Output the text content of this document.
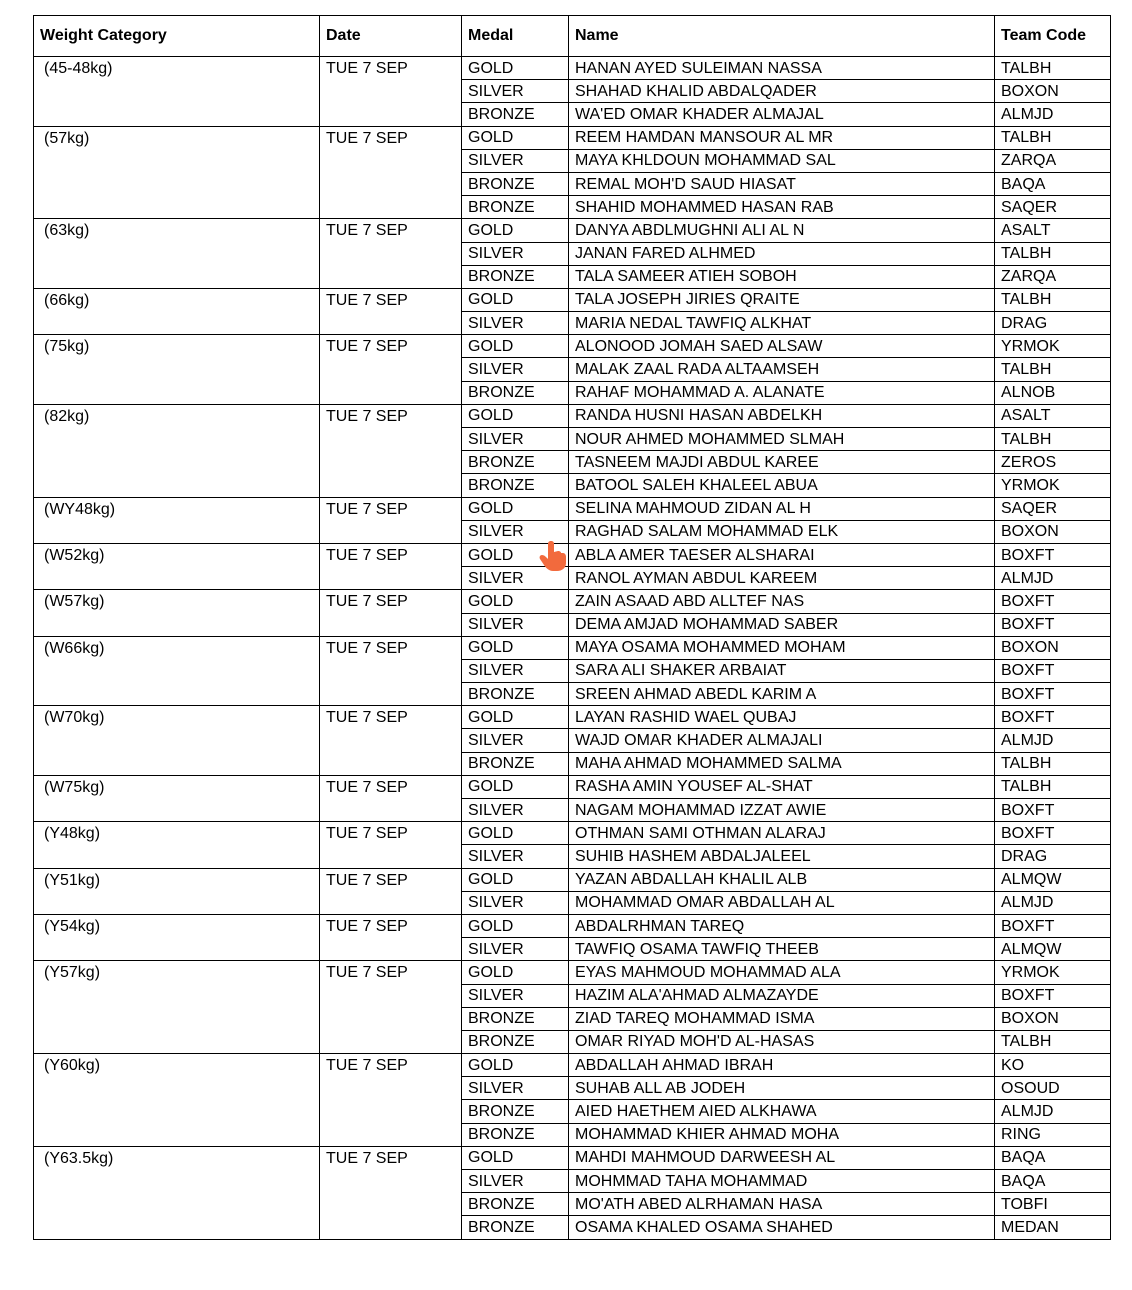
Weight Category	Date	Medal	Name	Team Code
(45-48kg)	TUE 7 SEP	GOLD	HANAN AYED SULEIMAN NASSA	TALBH
		SILVER	SHAHAD KHALID ABDALQADER	BOXON
		BRONZE	WA'ED OMAR KHADER ALMAJAL	ALMJD
(57kg)	TUE 7 SEP	GOLD	REEM HAMDAN MANSOUR AL MR	TALBH
		SILVER	MAYA KHLDOUN MOHAMMAD SAL	ZARQA
		BRONZE	REMAL MOH'D SAUD HIASAT	BAQA
		BRONZE	SHAHID MOHAMMED HASAN RAB	SAQER
(63kg)	TUE 7 SEP	GOLD	DANYA ABDLMUGHNI ALI AL N	ASALT
		SILVER	JANAN FARED ALHMED	TALBH
		BRONZE	TALA SAMEER ATIEH SOBOH	ZARQA
(66kg)	TUE 7 SEP	GOLD	TALA JOSEPH JIRIES QRAITE	TALBH
		SILVER	MARIA NEDAL TAWFIQ ALKHAT	DRAG
(75kg)	TUE 7 SEP	GOLD	ALONOOD JOMAH SAED ALSAW	YRMOK
		SILVER	MALAK ZAAL RADA ALTAAMSEH	TALBH
		BRONZE	RAHAF MOHAMMAD A. ALANATE	ALNOB
(82kg)	TUE 7 SEP	GOLD	RANDA HUSNI HASAN ABDELKH	ASALT
		SILVER	NOUR AHMED MOHAMMED SLMAH	TALBH
		BRONZE	TASNEEM MAJDI ABDUL KAREE	ZEROS
		BRONZE	BATOOL SALEH KHALEEL ABUA	YRMOK
(WY48kg)	TUE 7 SEP	GOLD	SELINA MAHMOUD ZIDAN AL H	SAQER
		SILVER	RAGHAD SALAM MOHAMMAD ELK	BOXON
(W52kg)	TUE 7 SEP	GOLD	ABLA AMER TAESER ALSHARAI	BOXFT
		SILVER	RANOL AYMAN ABDUL KAREEM	ALMJD
(W57kg)	TUE 7 SEP	GOLD	ZAIN ASAAD ABD ALLTEF NAS	BOXFT
		SILVER	DEMA AMJAD MOHAMMAD SABER	BOXFT
(W66kg)	TUE 7 SEP	GOLD	MAYA OSAMA MOHAMMED MOHAM	BOXON
		SILVER	SARA ALI SHAKER ARBAIAT	BOXFT
		BRONZE	SREEN AHMAD ABEDL KARIM A	BOXFT
(W70kg)	TUE 7 SEP	GOLD	LAYAN RASHID WAEL QUBAJ	BOXFT
		SILVER	WAJD OMAR KHADER ALMAJALI	ALMJD
		BRONZE	MAHA AHMAD MOHAMMED SALMA	TALBH
(W75kg)	TUE 7 SEP	GOLD	RASHA AMIN YOUSEF AL-SHAT	TALBH
		SILVER	NAGAM MOHAMMAD IZZAT AWIE	BOXFT
(Y48kg)	TUE 7 SEP	GOLD	OTHMAN SAMI OTHMAN ALARAJ	BOXFT
		SILVER	SUHIB HASHEM ABDALJALEEL	DRAG
(Y51kg)	TUE 7 SEP	GOLD	YAZAN ABDALLAH KHALIL ALB	ALMQW
		SILVER	MOHAMMAD OMAR ABDALLAH AL	ALMJD
(Y54kg)	TUE 7 SEP	GOLD	ABDALRHMAN TAREQ	BOXFT
		SILVER	TAWFIQ OSAMA TAWFIQ THEEB	ALMQW
(Y57kg)	TUE 7 SEP	GOLD	EYAS MAHMOUD MOHAMMAD ALA	YRMOK
		SILVER	HAZIM ALA'AHMAD ALMAZAYDE	BOXFT
		BRONZE	ZIAD TAREQ MOHAMMAD ISMA	BOXON
		BRONZE	OMAR RIYAD MOH'D AL-HASAS	TALBH
(Y60kg)	TUE 7 SEP	GOLD	ABDALLAH AHMAD IBRAH	KO
		SILVER	SUHAB ALL AB JODEH	OSOUD
		BRONZE	AIED HAETHEM AIED ALKHAWA	ALMJD
		BRONZE	MOHAMMAD KHIER AHMAD MOHA	RING
(Y63.5kg)	TUE 7 SEP	GOLD	MAHDI MAHMOUD DARWEESH AL	BAQA
		SILVER	MOHMMAD TAHA MOHAMMAD	BAQA
		BRONZE	MO'ATH ABED ALRHAMAN HASA	TOBFI
		BRONZE	OSAMA KHALED OSAMA SHAHED	MEDAN
